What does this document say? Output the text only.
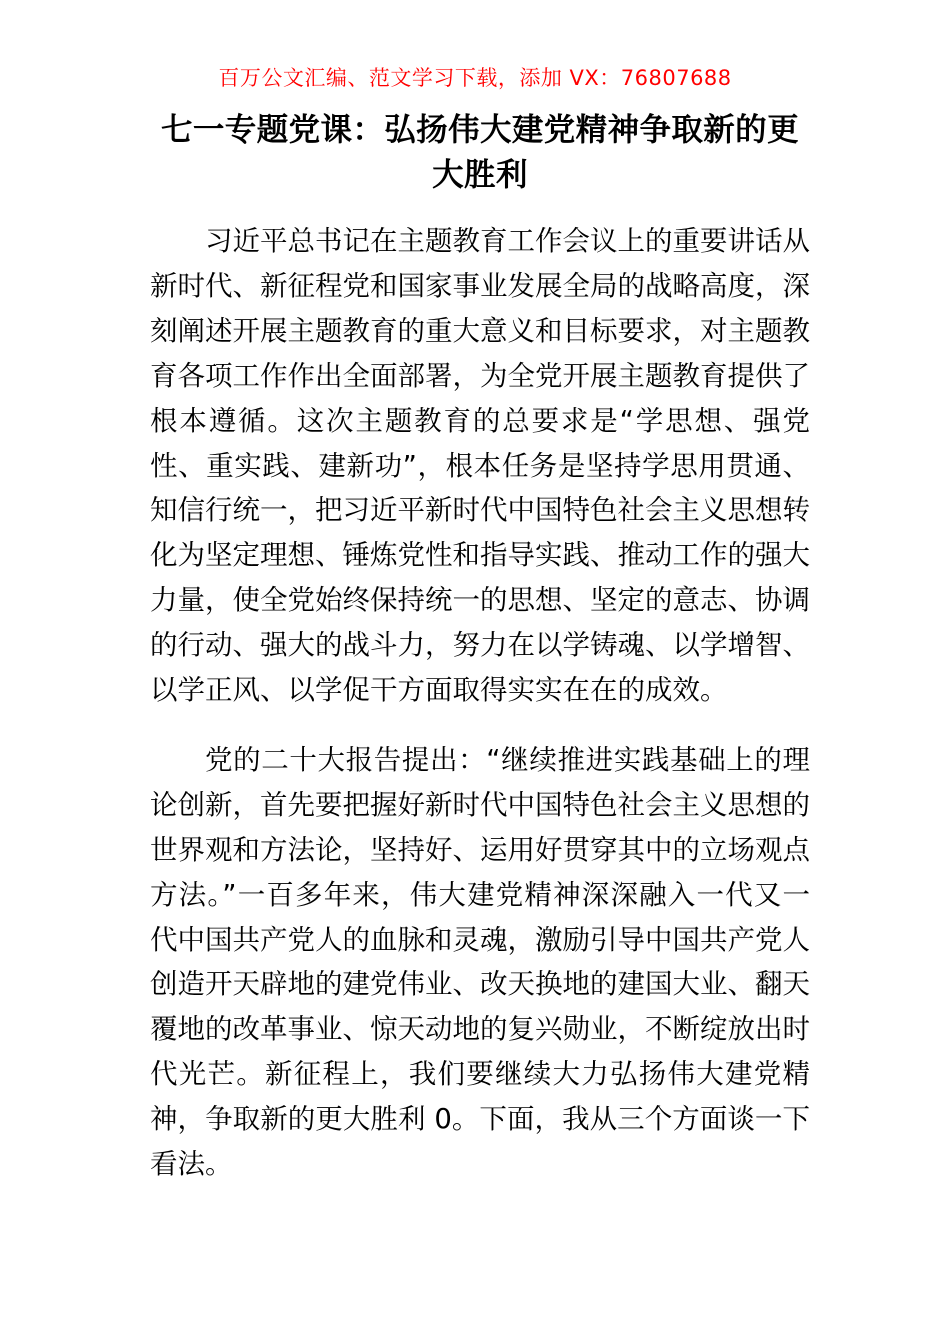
百万公文汇编、范文学习下载，添加 VX：76807688
七一专题党课：弘扬伟大建党精神争取新的更大胜利

习近平总书记在主题教育工作会议上的重要讲话从新时代、新征程党和国家事业发展全局的战略高度，深刻阐述开展主题教育的重大意义和目标要求，对主题教育各项工作作出全面部署，为全党开展主题教育提供了根本遵循。这次主题教育的总要求是“学思想、强党性、重实践、建新功”，根本任务是坚持学思用贯通、知信行统一，把习近平新时代中国特色社会主义思想转化为坚定理想、锤炼党性和指导实践、推动工作的强大力量，使全党始终保持统一的思想、坚定的意志、协调的行动、强大的战斗力，努力在以学铸魂、以学增智、以学正风、以学促干方面取得实实在在的成效。

党的二十大报告提出：“继续推进实践基础上的理论创新，首先要把握好新时代中国特色社会主义思想的世界观和方法论，坚持好、运用好贯穿其中的立场观点方法。”一百多年来，伟大建党精神深深融入一代又一代中国共产党人的血脉和灵魂，激励引导中国共产党人创造开天辟地的建党伟业、改天换地的建国大业、翻天覆地的改革事业、惊天动地的复兴勋业，不断绽放出时代光芒。新征程上，我们要继续大力弘扬伟大建党精神，争取新的更大胜利 0。下面，我从三个方面谈一下看法。
